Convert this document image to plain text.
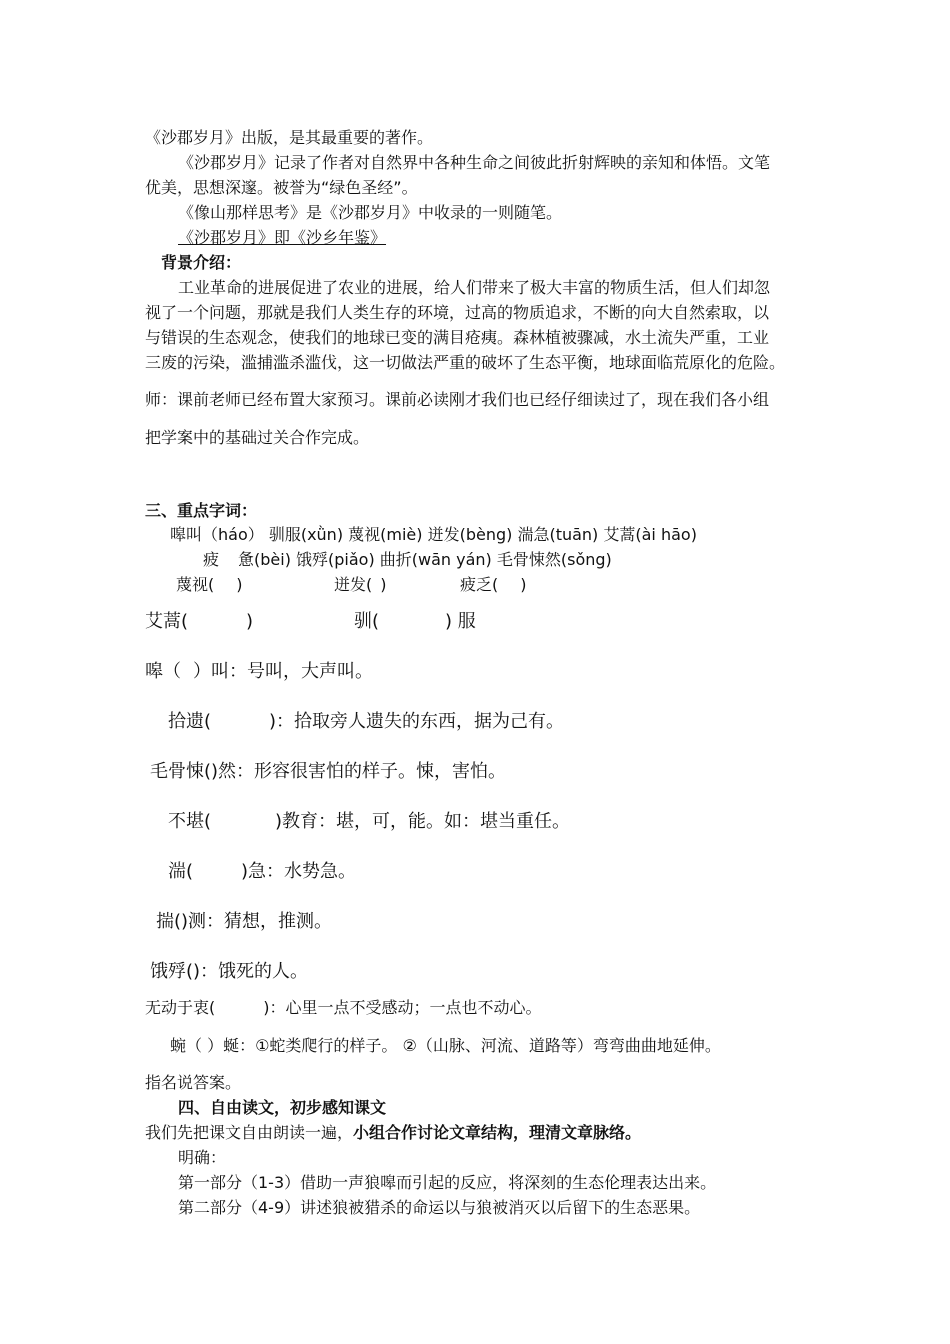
《沙郡岁月》出版，是其最重要的著作。
《沙郡岁月》记录了作者对自然界中各种生命之间彼此折射辉映的亲知和体悟。文笔
优美，思想深邃。被誉为“绿色圣经”。
《像山那样思考》是《沙郡岁月》中收录的一则随笔。
《沙郡岁月》即《沙乡年鉴》
背景介绍：
工业革命的进展促进了农业的进展，给人们带来了极大丰富的物质生活，但人们却忽
视了一个问题，那就是我们人类生存的环境，过高的物质追求，不断的向大自然索取，以
与错误的生态观念，使我们的地球已变的满目疮痍。森林植被骤减，水土流失严重，工业
三废的污染，滥捕滥杀滥伐，这一切做法严重的破坏了生态平衡，地球面临荒原化的危险。
师：课前老师已经布置大家预习。课前必读刚才我们也已经仔细读过了，现在我们各小组
把学案中的基础过关合作完成。
三、重点字词：
嗥叫（háo） 驯服(xǜn) 蔑视(miè) 迸发(bèng) 湍急(tuān) 艾蒿(ài hāo)
疲 惫(bèi) 饿殍(piǎo) 曲折(wān yán) 毛骨悚然(sǒng)
蔑视( )	迸发( )	疲乏( )
艾蒿(	)	驯(	) 服
嗥（ ）叫：号叫，大声叫。
拾遗(	)：拾取旁人遗失的东西，据为己有。
毛骨悚()然：形容很害怕的样子。悚，害怕。
不堪(	)教育：堪，可，能。如：堪当重任。
湍(	)急：水势急。
揣()测：猜想，推测。
饿殍()：饿死的人。
无动于衷(	)：心里一点不受感动；一点也不动心。
蜿（ ）蜒：①蛇类爬行的样子。 ②（山脉、河流、道路等）弯弯曲曲地延伸。
指名说答案。
四、自由读文，初步感知课文
我们先把课文自由朗读一遍，小组合作讨论文章结构，理清文章脉络。
明确：
第一部分（1-3）借助一声狼嗥而引起的反应，将深刻的生态伦理表达出来。
第二部分（4-9）讲述狼被猎杀的命运以与狼被消灭以后留下的生态恶果。
